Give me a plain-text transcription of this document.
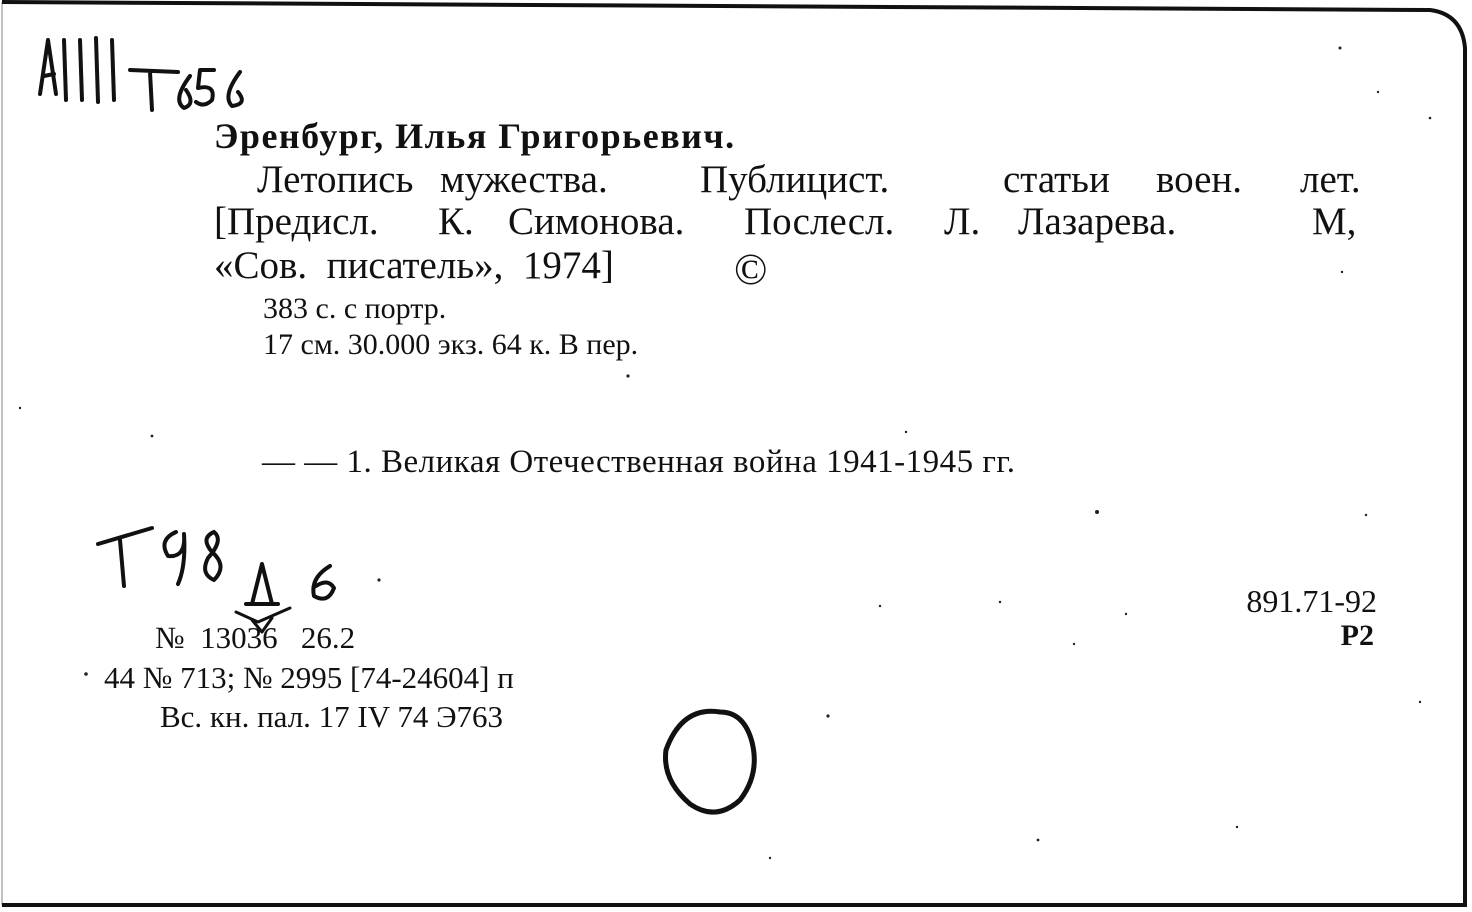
Эренбург, Илья Григорьевич.

Летопись

мужества.

Публицист.

	статьи

воен.

лет.

[Предисл.

К.

Симонова.

Послесл.

Л.

Лазарева.

	М,

«Сов.  писатель»,  1974]	©
383 с. с портр.
17 см. 30.000 экз. 64 к. В пер.
— — 1. Великая Отечественная война 1941-1945 гг.
891.71-92
Р2
№  13036   26.2
44 № 713; № 2995 [74-24604] п
Вс. кн. пал. 17 IV 74 Э763
